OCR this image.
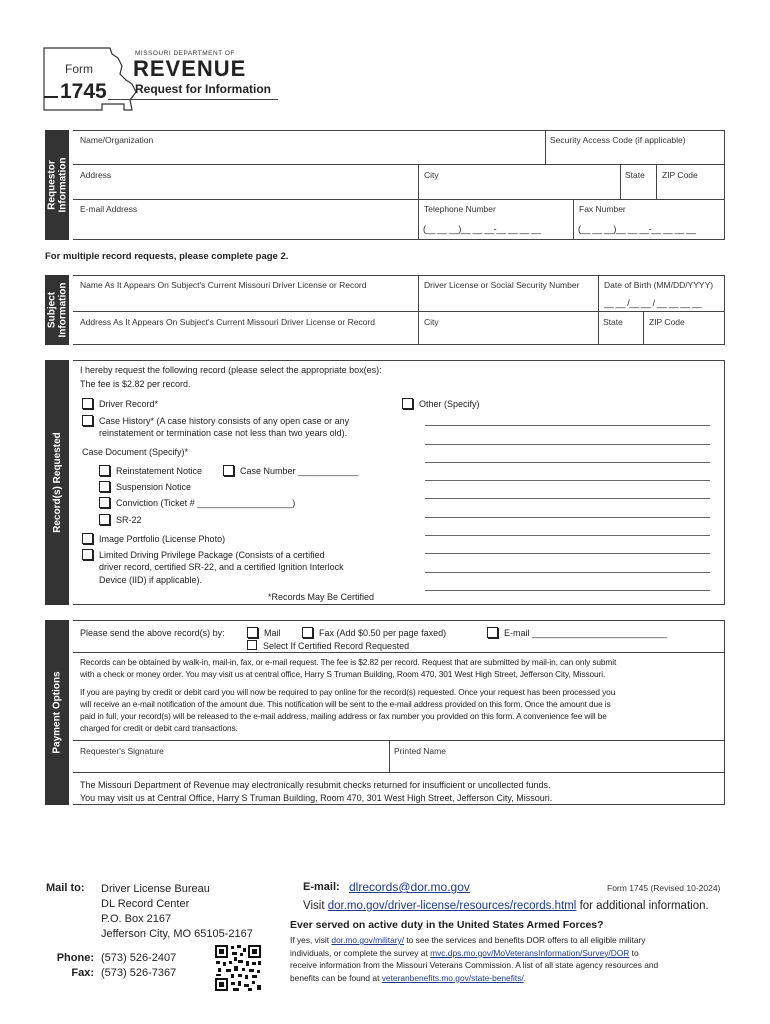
Form
1745
MISSOURI DEPARTMENT OF
REVENUE
Request for Information
Requestor
Information
Name/Organization	Security Access Code (if applicable)
Address	City	State ZIP Code
E-mail Address	Telephone Number	Fax Number
(__ __ __)__ __ __-__ __ __ __	(__ __ __)__ __ __-__ __ __ __
For multiple record requests, please complete page 2.
Subject
Information Name As It Appears On Subject's Current Missouri Driver License or Record	Driver License or Social Security Number	Date of Birth (MM/DD/YYYY)
__ __ /__ __ / __ __ __ __
Address As It Appears On Subject's Current Missouri Driver License or Record	City	State	ZIP Code
Record(s) Requested
I hereby request the following record (please select the appropriate box(es):
The fee is $2.82 per record.
Driver Record*	Other (Specify)
Case History* (A case history consists of any open case or any
reinstatement or termination case not less than two years old).
Case Document (Specify)*
Reinstatement Notice	Case Number ____________
Suspension Notice
Conviction (Ticket # ___________________)
SR-22
Image Portfolio (License Photo)
Limited Driving Privilege Package (Consists of a certified
driver record, certified SR-22, and a certified Ignition Interlock
Device (IID) if applicable).
*Records May Be Certified
Payment Options
Please send the above record(s) by:	Mail	Fax (Add $0.50 per page faxed)	E-mail ___________________________
Select If Certified Record Requested
Records can be obtained by walk-in, mail-in, fax, or e-mail request. The fee is $2.82 per record. Request that are submitted by mail-in, can only submit
with a check or money order. You may visit us at central office, Harry S Truman Building, Room 470, 301 West High Street, Jefferson City, Missouri.
If you are paying by credit or debit card you will now be required to pay online for the record(s) requested. Once your request has been processed you
will receive an e-mail notification of the amount due. This notification will be sent to the e-mail address provided on this form. Once the amount due is
paid in full, your record(s) will be released to the e-mail address, mailing address or fax number you provided on this form. A convenience fee will be
charged for credit or debit card transactions.
Requester's Signature	Printed Name
The Missouri Department of Revenue may electronically resubmit checks returned for insufficient or uncollected funds.
You may visit us at Central Office, Harry S Truman Building, Room 470, 301 West High Street, Jefferson City, Missouri.
Mail to: Driver License Bureau
DL Record Center
P.O. Box 2167
Jefferson City, MO 65105-2167
Phone: (573) 526-2407
Fax: (573) 526-7367
E-mail: dlrecords@dor.mo.gov	Form 1745 (Revised 10-2024)
Visit dor.mo.gov/driver-license/resources/records.html for additional information.
Ever served on active duty in the United States Armed Forces?
If yes, visit dor.mo.gov/military/ to see the services and benefits DOR offers to all eligible military
individuals, or complete the survey at mvc.dps.mo.gov/MoVeteransInformation/Survey/DOR to
receive information from the Missouri Veterans Commission. A list of all state agency resources and
benefits can be found at veteranbenefits.mo.gov/state-benefits/.
